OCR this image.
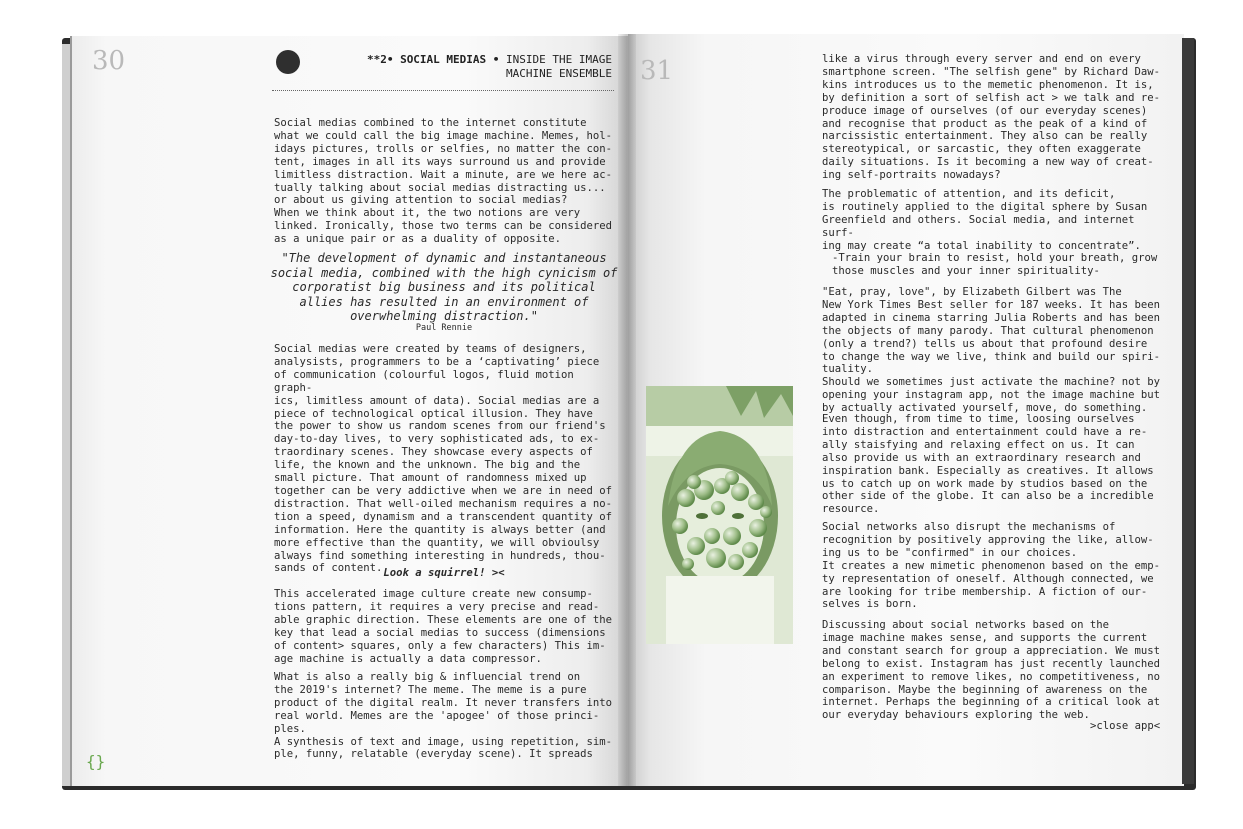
30	**2• SOCIAL MEDIAS • INSIDE THE IMAGE
MACHINE ENSEMBLE

Social medias combined to the internet constitute
what we could call the big image machine. Memes, hol-
idays pictures, trolls or selfies, no matter the con-
tent, images in all its ways surround us and provide
limitless distraction. Wait a minute, are we here ac-
tually talking about social medias distracting us...
or about us giving attention to social medias?

When we think about it, the two notions are very
linked. Ironically, those two terms can be considered
as a unique pair or as a duality of opposite.

"The development of dynamic and instantaneous
social media, combined with the high cynicism of
corporatist big business and its political
allies has resulted in an environment of
overwhelming distraction."
Paul Rennie

Social medias were created by teams of designers,
analysists, programmers to be a ‘captivating’ piece
of communication (colourful logos, fluid motion graph-
ics, limitless amount of data). Social medias are a
piece of technological optical illusion. They have
the power to show us random scenes from our friend's
day-to-day lives, to very sophisticated ads, to ex-
traordinary scenes. They showcase every aspects of
life, the known and the unknown. The big and the
small picture. That amount of randomness mixed up
together can be very addictive when we are in need of
distraction. That well-oiled mechanism requires a no-
tion a speed, dynamism and a transcendent quantity of
information. Here the quantity is always better (and
more effective than the quantity, we will obvioulsy
always find something interesting in hundreds, thou-
sands of content. Look a squirrel! ><

This accelerated image culture create new consump-
tions pattern, it requires a very precise and read-
able graphic direction. These elements are one of the
key that lead a social medias to success (dimensions
of content> squares, only a few characters) This im-
age machine is actually a data compressor.

What is also a really big & influencial trend on
the 2019's internet? The meme. The meme is a pure
product of the digital realm. It never transfers into
real world. Memes are the 'apogee' of those princi-
ples.
A synthesis of text and image, using repetition, sim-
ple, funny, relatable (everyday scene). It spreads

{}
31	like a virus through every server and end on every
smartphone screen. "The selfish gene" by Richard Daw-
kins introduces us to the memetic phenomenon. It is,
by definition a sort of selfish act > we talk and re-
produce image of ourselves (of our everyday scenes)
and recognise that product as the peak of a kind of
narcissistic entertainment. They also can be really
stereotypical, or sarcastic, they often exaggerate
daily situations. Is it becoming a new way of creat-
ing self-portraits nowadays?

The problematic of attention, and its deficit,
is routinely applied to the digital sphere by Susan
Greenfield and others. Social media, and internet surf-
ing may create “a total inability to concentrate”.

-Train your brain to resist, hold your breath, grow
those muscles and your inner spirituality-

"Eat, pray, love", by Elizabeth Gilbert was The
New York Times Best seller for 187 weeks. It has been
adapted in cinema starring Julia Roberts and has been
the objects of many parody. That cultural phenomenon
(only a trend?) tells us about that profound desire
to change the way we live, think and build our spiri-
tuality.
Should we sometimes just activate the machine? not by
opening your instagram app, not the image machine but
by actually activated yourself, move, do something.

Even though, from time to time, loosing ourselves
into distraction and entertainment could have a re-
ally staisfying and relaxing effect on us. It can
also provide us with an extraordinary research and
inspiration bank. Especially as creatives. It allows
us to catch up on work made by studios based on the
other side of the globe. It can also be a incredible
resource.

Social networks also disrupt the mechanisms of
recognition by positively approving the like, allow-
ing us to be "confirmed" in our choices.
It creates a new mimetic phenomenon based on the emp-
ty representation of oneself. Although connected, we
are looking for tribe membership. A fiction of our-
selves is born.

Discussing about social networks based on the
image machine makes sense, and supports the current
and constant search for group a appreciation. We must
belong to exist. Instagram has just recently launched
an experiment to remove likes, no competitiveness, no
comparison. Maybe the beginning of awareness on the
internet. Perhaps the beginning of a critical look at
our everyday behaviours exploring the web.

>close app<
